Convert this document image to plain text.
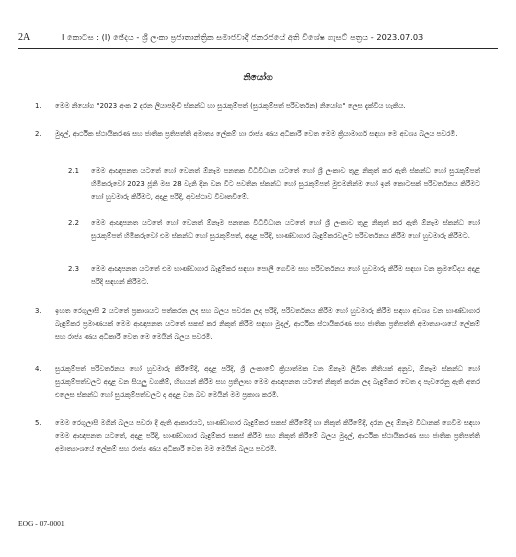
2A	I කොටස : (I) ඡේදය - ශ්‍රී ලංකා ප්‍රජාතාන්ත්‍රික සමාජවාදී ජනරජයේ අති විශේෂ ගැසට් පත්‍රය - 2023.07.03
නියෝග
1.	මෙම නියෝග "2023 අංක 2 දරන ලියාපදිංචි ස්කන්ධ හා සුරැකුම්පත් (සුරැකුම්පත් පරිවර්තන) නියෝග" ලෙස දැක්විය හැකිය.
2.	මුදල්, ආර්ථික ස්ථායීකරණ සහ ජාතික ප්‍රතිපත්ති අමාත්‍ය ලේකම් හා රාජ්‍ය ණය අධිකාරී වෙත මෙම ක්‍රියාමාර්ග සඳහා මෙ අවශ්‍ය බලය පවරමි.
2.1	මෙම ආඥාපනත යටතේ හෝ වෙනත් ඕනෑම පනතක විධිවිධාන යටතේ හෝ ශ්‍රී ලංකාව තුළ නිකුත් කර ඇති ස්කන්ධ හෝ සුරැකුම්පත් හිමිකරුවෝ 2023 ජූනි මස 28 වැනි දින වන විට පවතින ස්කන්ධ හෝ සුරැකුම්පත් මුළුමනින්ම හෝ ඉන් කොටසක් පරිවර්තනය කිරීමට හෝ හුවමාරු කිරීමට, අදාළ පරිදි, අවස්ථාව විවෘතවීමේ.
2.2	මෙම ආඥාපනත යටතේ හෝ වෙනත් ඕනෑම පනතක විධිවිධාන යටතේ හෝ ශ්‍රී ලංකාව තුළ නිකුත් කර ඇති ඕනෑම ස්කන්ධ හෝ සුරැකුම්පත් හිමිකරුවෝ එම ස්කන්ධ හෝ සුරැකුම්පත්, අදාළ පරිදි, භාණ්ඩාගාර බැඳුම්කරවලට පරිවර්තනය කිරීම හෝ හුවමාරු කිරීමට.
2.3	මෙම ආඥාපනත යටතේ එම භාණ්ඩාගාර බැඳුම්කර සඳහා පොලී ගෙවීම සහ පරිවර්තනය හෝ හුවමාරු කිරීම සඳහා වන ක්‍රමවේදය අදාළ පරිදි සඳහන් කිරීමට.
3.	ඉහත රෙගුලාසි 2 යටතේ ප්‍රකාශයට පත්කරන ලද සහ බලය පවරන ලද පරිදි, පරිවර්තනය කිරීම හෝ හුවමාරු කිරීම සඳහා අවශ්‍ය වන භාණ්ඩාගාර බැඳුම්කර ප්‍රමාණයක් මෙම ආඥාපනත යටතේ සකස් කර නිකුත් කිරීම සඳහා මුදල්, ආර්ථික ස්ථායීකරණ සහ ජාතික ප්‍රතිපත්ති අමාත්‍යාංශයේ ලේකම් සහ රාජ්‍ය ණය අධිකාරී වෙත මෙ මෙයින් බලය පවරමි.
4.	සුරැකුම්පත් පරිවර්තනය හෝ හුවමාරු කිරීමේදී, අදාළ පරිදි, ශ්‍රී ලංකාවේ ක්‍රියාත්මක වන ඕනෑම ලිඛිත නීතියක් අනුව, ඕනෑම ස්කන්ධ හෝ සුරැකුම්පත්වලට අදාළ වන සියලු වගකීම්, හිඟයන් කිරීම සහ ප්‍රතිලාභ මෙම ආඥාපනත යටතේ නිකුත් කරන ලද බැඳුම්කර වෙත ද පැවරෙනු ඇති අතර එලෙස ස්කන්ධ හෝ සුරැකුම්පත්වලට ද අදාළ වන බව මෙයින් මම ප්‍රකාශ කරමි.
5.	මෙම රෙගුලාසි මගින් බලය පවරා දී ඇති ආකාරයට, භාණ්ඩාගාර බැඳුම්කර සකස් කිරීමේදී හා නිකුත් කිරීමේදී, දරන ලද ඕනෑම විධානක් ගෙවීම සඳහා මෙම ආඥාපනත යටතේ, අදාළ පරිදි, භාණ්ඩාගාර බැඳුම්කර සකස් කිරීම සහ නිකුත් කිරීමේ බලය මුදල්, ආර්ථික ස්ථායීකරණ සහ ජාතික ප්‍රතිපත්ති අමාත්‍යාංශයේ ලේකම් සහ රාජ්‍ය ණය අධිකාරී වෙත මම මෙයින් බලය පවරමි.
EOG - 07-0001
